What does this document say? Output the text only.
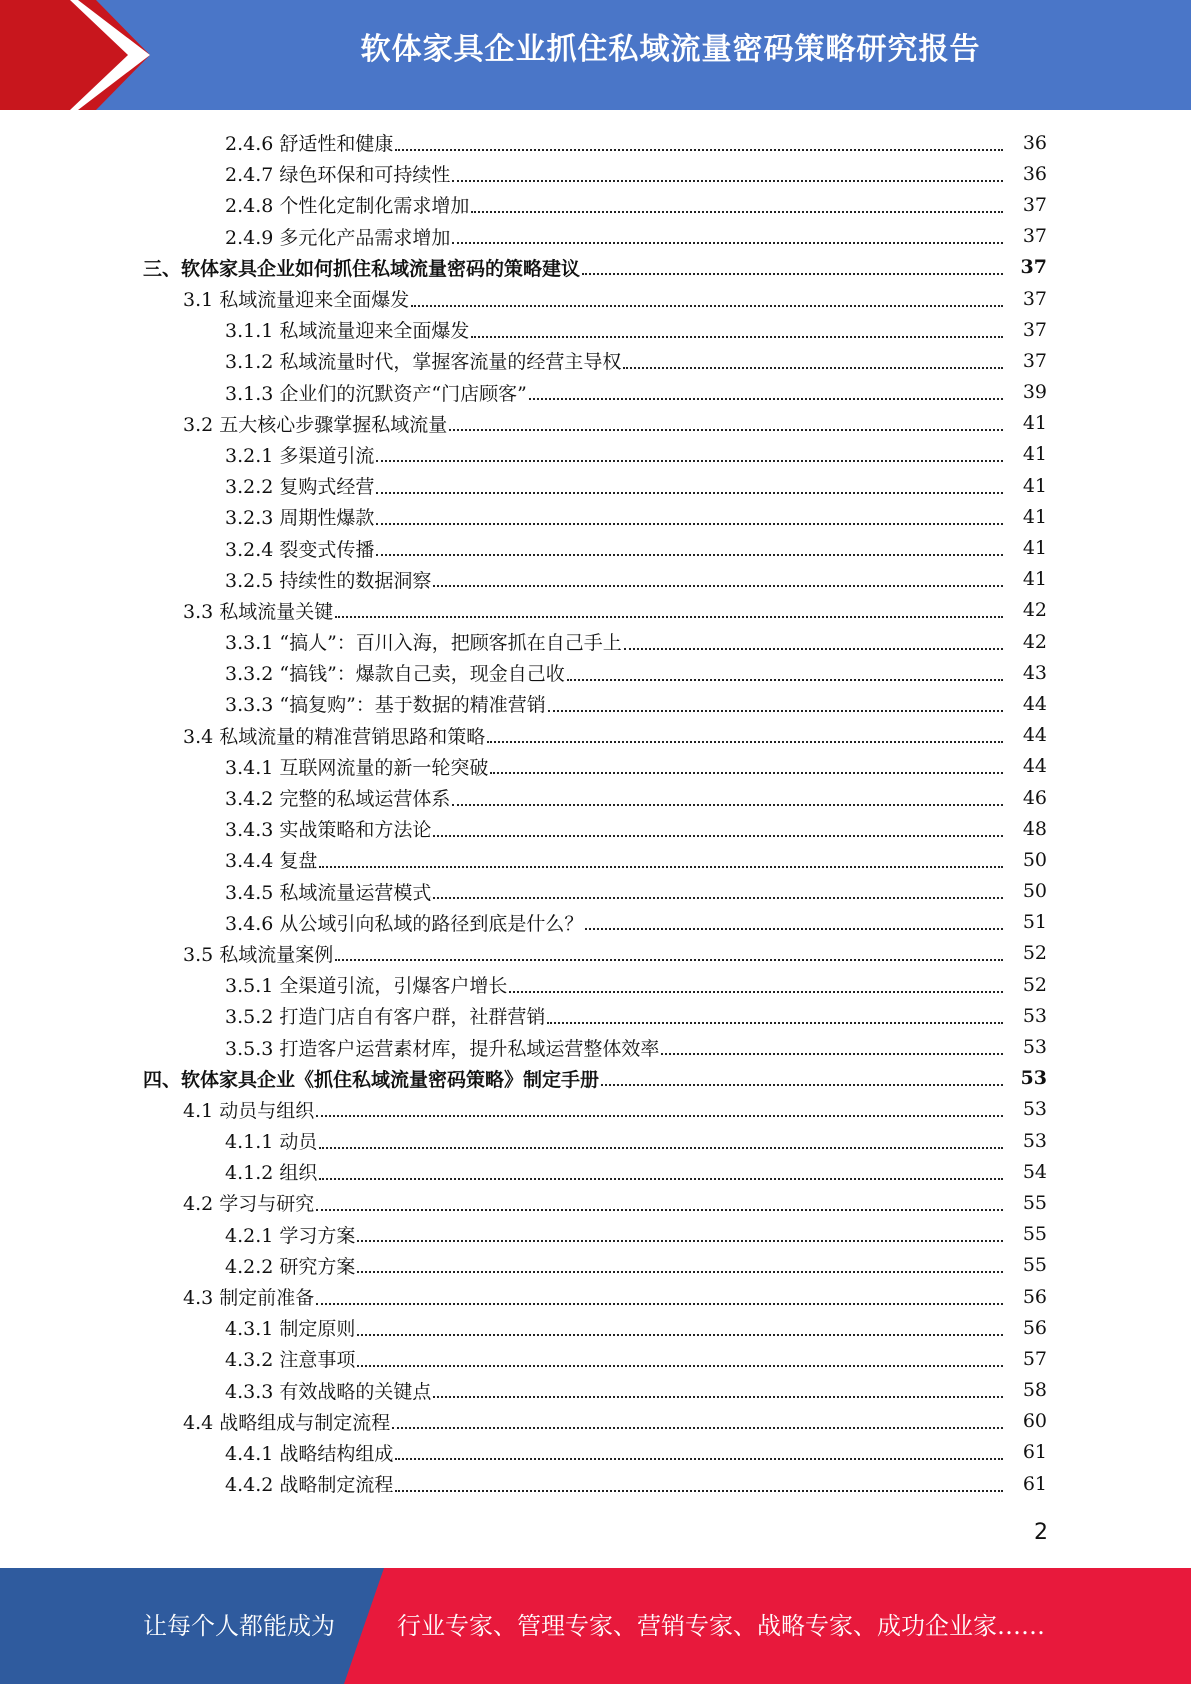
软体家具企业抓住私域流量密码策略研究报告
2.4.6 舒适性和健康	36
2.4.7 绿色环保和可持续性	36
2.4.8 个性化定制化需求增加	37
2.4.9 多元化产品需求增加	37
三、软体家具企业如何抓住私域流量密码的策略建议	37
3.1 私域流量迎来全面爆发	37
3.1.1 私域流量迎来全面爆发	37
3.1.2 私域流量时代，掌握客流量的经营主导权	37
3.1.3 企业们的沉默资产“门店顾客”	39
3.2 五大核心步骤掌握私域流量	41
3.2.1 多渠道引流	41
3.2.2 复购式经营	41
3.2.3 周期性爆款	41
3.2.4 裂变式传播	41
3.2.5 持续性的数据洞察	41
3.3 私域流量关键	42
3.3.1 “搞人”：百川入海，把顾客抓在自己手上	42
3.3.2 “搞钱”：爆款自己卖，现金自己收	43
3.3.3 “搞复购”：基于数据的精准营销	44
3.4 私域流量的精准营销思路和策略	44
3.4.1 互联网流量的新一轮突破	44
3.4.2 完整的私域运营体系	46
3.4.3 实战策略和方法论	48
3.4.4 复盘	50
3.4.5 私域流量运营模式	50
3.4.6 从公域引向私域的路径到底是什么？	51
3.5 私域流量案例	52
3.5.1 全渠道引流，引爆客户增长	52
3.5.2 打造门店自有客户群，社群营销	53
3.5.3 打造客户运营素材库，提升私域运营整体效率	53
四、软体家具企业《抓住私域流量密码策略》制定手册	53
4.1 动员与组织	53
4.1.1 动员	53
4.1.2 组织	54
4.2 学习与研究	55
4.2.1 学习方案	55
4.2.2 研究方案	55
4.3 制定前准备	56
4.3.1 制定原则	56
4.3.2 注意事项	57
4.3.3 有效战略的关键点	58
4.4 战略组成与制定流程	60
4.4.1 战略结构组成	61
4.4.2 战略制定流程	61
2
让每个人都能成为	行业专家、管理专家、营销专家、战略专家、成功企业家……
